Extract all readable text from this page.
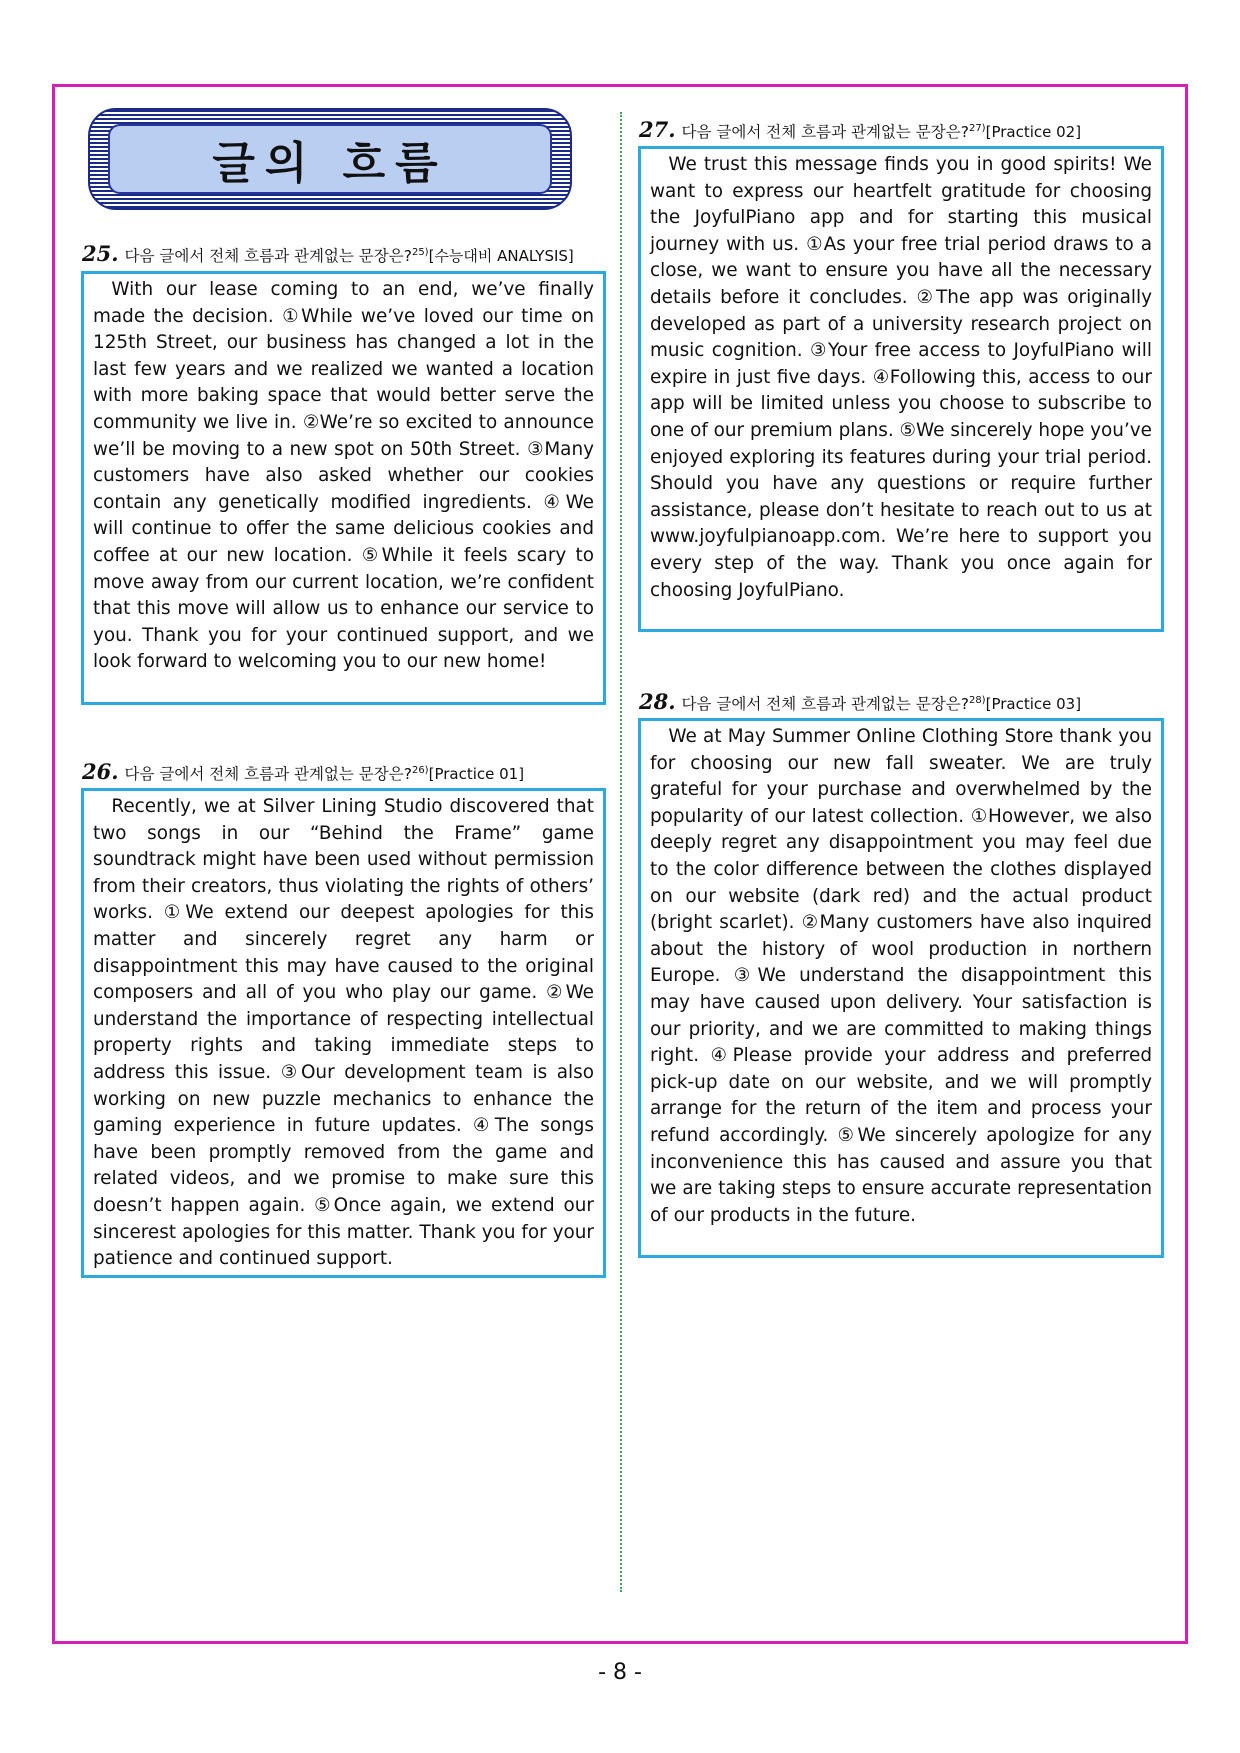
글의 흐름
25. 다음 글에서 전체 흐름과 관계없는 문장은?$^{25)}$[수능대비 ANALYSIS]

With our lease coming to an end, we’ve finally made the decision. ①While we’ve loved our time on 125th Street, our business has changed a lot in the last few years and we realized we wanted a location with more baking space that would better serve the community we live in. ②We’re so excited to announce we’ll be moving to a new spot on 50th Street. ③Many customers have also asked whether our cookies contain any genetically modified ingredients. ④We will continue to offer the same delicious cookies and coffee at our new location. ⑤While it feels scary to move away from our current location, we’re confident that this move will allow us to enhance our service to you. Thank you for your continued support, and we look forward to welcoming you to our new home!

26. 다음 글에서 전체 흐름과 관계없는 문장은?$^{26)}$[Practice 01]

Recently, we at Silver Lining Studio discovered that two songs in our “Behind the Frame” game soundtrack might have been used without permission from their creators, thus violating the rights of others’ works. ①We extend our deepest apologies for this matter and sincerely regret any harm or disappointment this may have caused to the original composers and all of you who play our game. ②We understand the importance of respecting intellectual property rights and taking immediate steps to address this issue. ③Our development team is also working on new puzzle mechanics to enhance the gaming experience in future updates. ④The songs have been promptly removed from the game and related videos, and we promise to make sure this doesn’t happen again. ⑤Once again, we extend our sincerest apologies for this matter. Thank you for your patience and continued support.

27. 다음 글에서 전체 흐름과 관계없는 문장은?$^{27)}$[Practice 02]

We trust this message finds you in good spirits! We want to express our heartfelt gratitude for choosing the JoyfulPiano app and for starting this musical journey with us. ①As your free trial period draws to a close, we want to ensure you have all the necessary details before it concludes. ②The app was originally developed as part of a university research project on music cognition. ③Your free access to JoyfulPiano will expire in just five days. ④Following this, access to our app will be limited unless you choose to subscribe to one of our premium plans. ⑤We sincerely hope you’ve enjoyed exploring its features during your trial period. Should you have any questions or require further assistance, please don’t hesitate to reach out to us at www.joyfulpianoapp.com. We’re here to support you every step of the way. Thank you once again for choosing JoyfulPiano.

28. 다음 글에서 전체 흐름과 관계없는 문장은?$^{28)}$[Practice 03]

We at May Summer Online Clothing Store thank you for choosing our new fall sweater. We are truly grateful for your purchase and overwhelmed by the popularity of our latest collection. ①However, we also deeply regret any disappointment you may feel due to the color difference between the clothes displayed on our website (dark red) and the actual product (bright scarlet). ②Many customers have also inquired about the history of wool production in northern Europe. ③We understand the disappointment this may have caused upon delivery. Your satisfaction is our priority, and we are committed to making things right. ④Please provide your address and preferred pick-up date on our website, and we will promptly arrange for the return of the item and process your refund accordingly. ⑤We sincerely apologize for any inconvenience this has caused and assure you that we are taking steps to ensure accurate representation of our products in the future.

- 8 -
